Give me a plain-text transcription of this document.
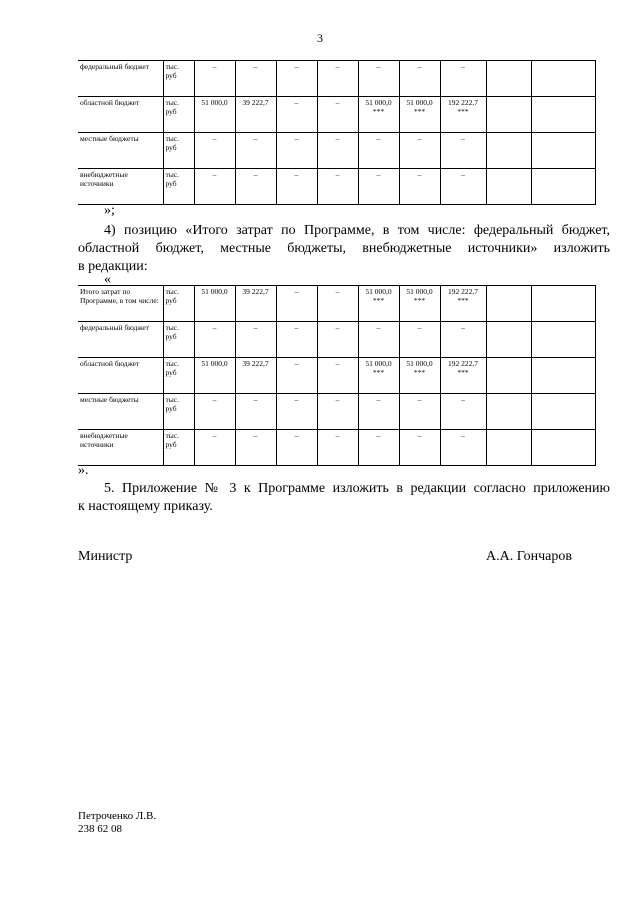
3
федеральный бюджет	тыс. руб	–	–	–	–	–	–	–		
областной бюджет	тыс. руб	51 000,0	39 222,7	–	–	51 000,0 ***	51 000,0 ***	192 222,7 ***		
местные бюджеты	тыс. руб	–	–	–	–	–	–	–		
внебюджетные источники	тыс. руб	–	–	–	–	–	–	–		
»;
4) позицию «Итого затрат по Программе, в том числе: федеральный бюджет,
областной бюджет, местные бюджеты, внебюджетные источники» изложить
в редакции:
«
Итого затрат по Программе, в том числе:	тыс. руб	51 000,0	39 222,7	–	–	51 000,0 ***	51 000,0 ***	192 222,7 ***		
федеральный бюджет	тыс. руб	–	–	–	–	–	–	–		
областной бюджет	тыс. руб	51 000,0	39 222,7	–	–	51 000,0 ***	51 000,0 ***	192 222,7 ***		
местные бюджеты	тыс. руб	–	–	–	–	–	–	–		
внебюджетные источники	тыс. руб	–	–	–	–	–	–	–		
».
5. Приложение № 3 к Программе изложить в редакции согласно приложению
к настоящему приказу.
Министр	А.А. Гончаров
Петроченко Л.В.
238 62 08
